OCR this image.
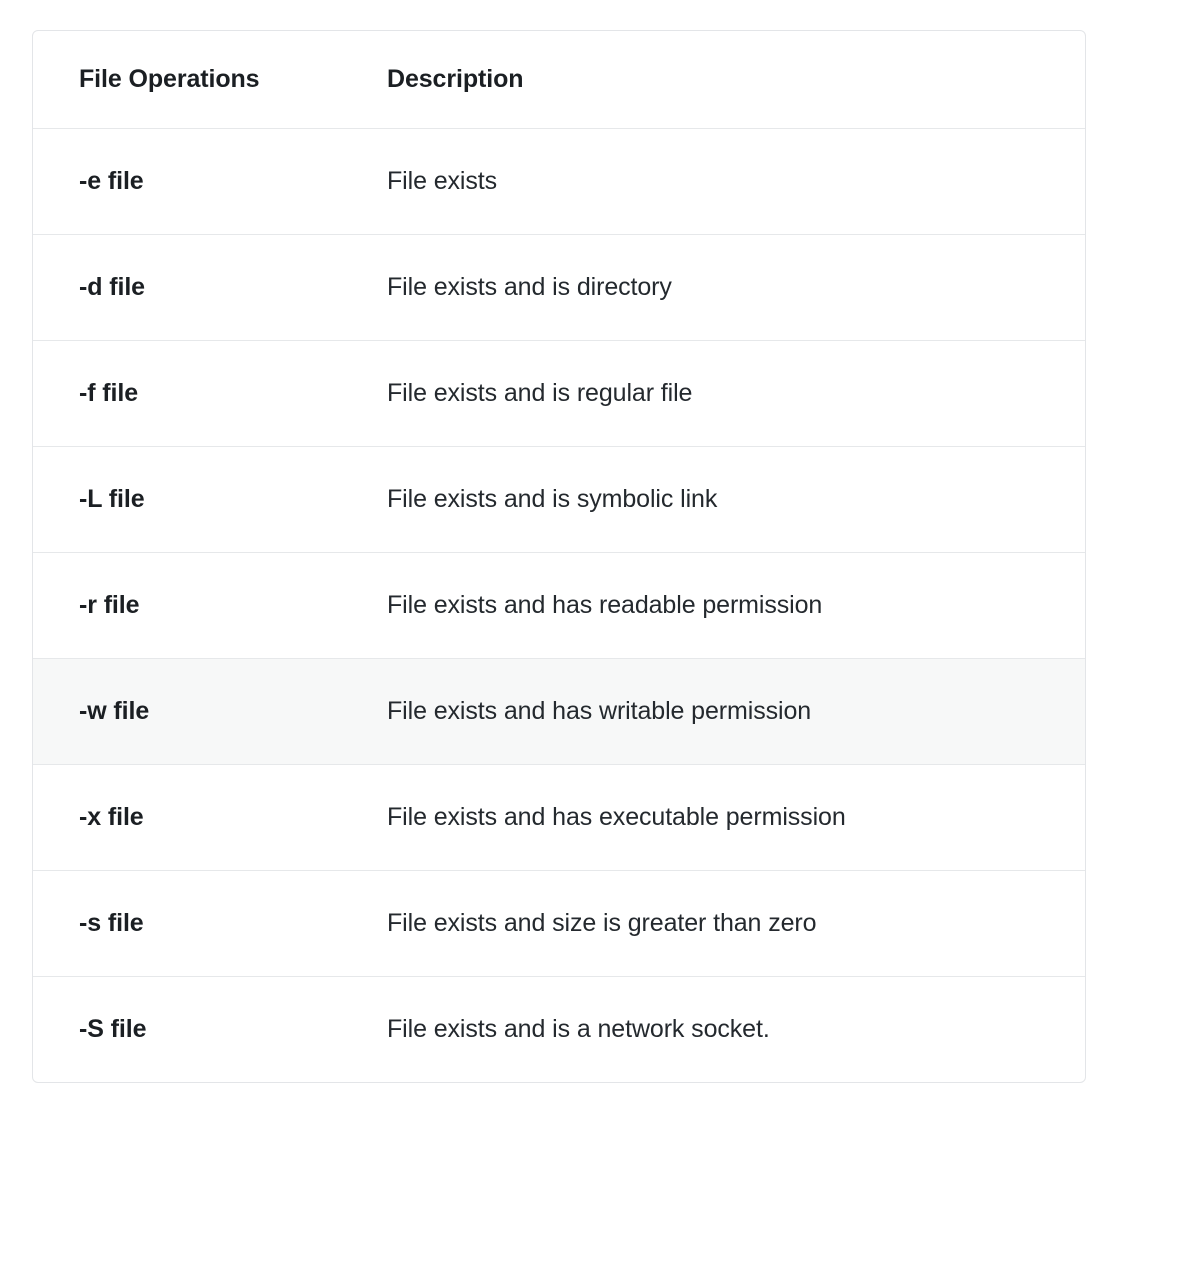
File Operations	Description
-e file	File exists
-d file	File exists and is directory
-f file	File exists and is regular file
-L file	File exists and is symbolic link
-r file	File exists and has readable permission
-w file	File exists and has writable permission
-x file	File exists and has executable permission
-s file	File exists and size is greater than zero
-S file	File exists and is a network socket.
